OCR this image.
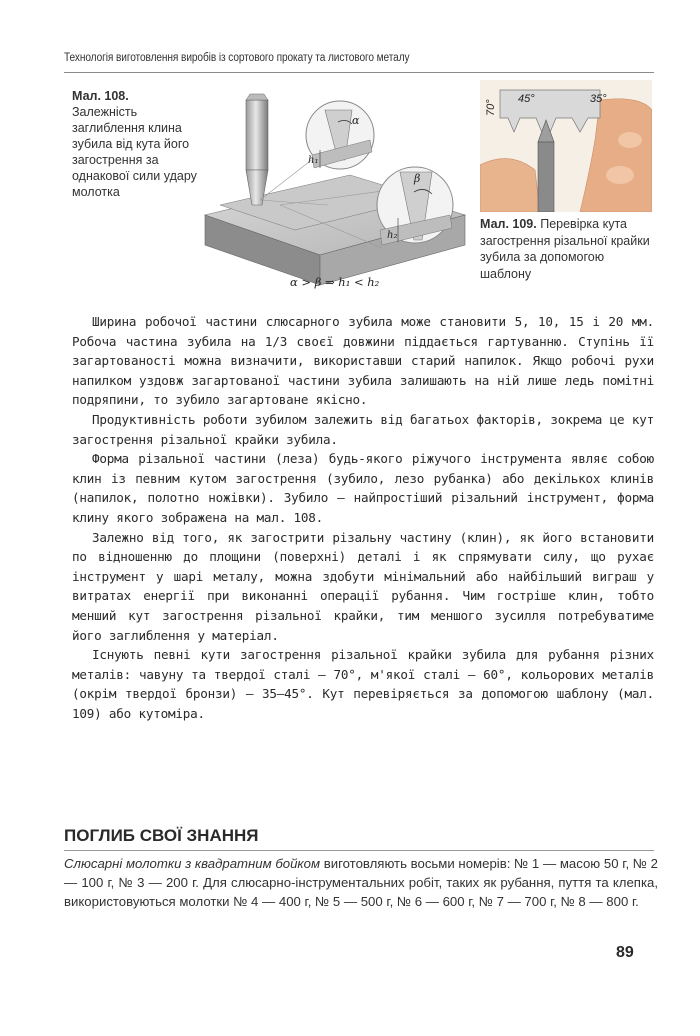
Технологія виготовлення виробів із сортового прокату та листового металу
Мал. 108.
Залежність заглиблення клина зубила від кута його загострення за однакової сили удару молотка
α
h₁
β
h₂
α > β ⇒ h₁ < h₂
70°
45°	35°
Мал. 109. Перевірка кута загострення різальної крайки зубила за допомогою шаблону

Ширина робочої частини слюсарного зубила може становити 5, 10, 15 і 20 мм. Робоча частина зубила на 1/3 своєї довжини піддається гартуванню. Ступінь її загартованості можна визначити, використавши старий напилок. Якщо робочі рухи напилком уздовж загартованої частини зубила залишають на ній лише ледь помітні подряпини, то зубило загартоване якісно.

Продуктивність роботи зубилом залежить від багатьох факторів, зокрема це кут загострення різальної крайки зубила.

Форма різальної частини (леза) будь-якого ріжучого інструмента являє собою клин із певним кутом загострення (зубило, лезо рубанка) або декількох клинів (напилок, полотно ножівки). Зубило — найпростіший різальний інструмент, форма клину якого зображена на мал. 108.

Залежно від того, як загострити різальну частину (клин), як його встановити по відношенню до площини (поверхні) деталі і як спрямувати силу, що рухає інструмент у шарі металу, можна здобути мінімальний або найбільший виграш у витратах енергії при виконанні операції рубання. Чим гостріше клин, тобто менший кут загострення різальної крайки, тим меншого зусилля потребуватиме його заглиблення у матеріал.

Існують певні кути загострення різальної крайки зубила для рубання різних металів: чавуну та твердої сталі — 70°, м'якої сталі — 60°, кольорових металів (окрім твердої бронзи) — 35–45°. Кут перевіряється за допомогою шаблону (мал. 109) або кутоміра.

ПОГЛИБ СВОЇ ЗНАННЯ
Слюсарні молотки з квадратним бойком виготовляють восьми номерів: № 1 — масою 50 г, № 2 — 100 г, № 3 — 200 г. Для слюсарно-інструментальних робіт, таких як рубання, пуття та клепка, використовуються молотки № 4 — 400 г, № 5 — 500 г, № 6 — 600 г, № 7 — 700 г, № 8 — 800 г.
89
